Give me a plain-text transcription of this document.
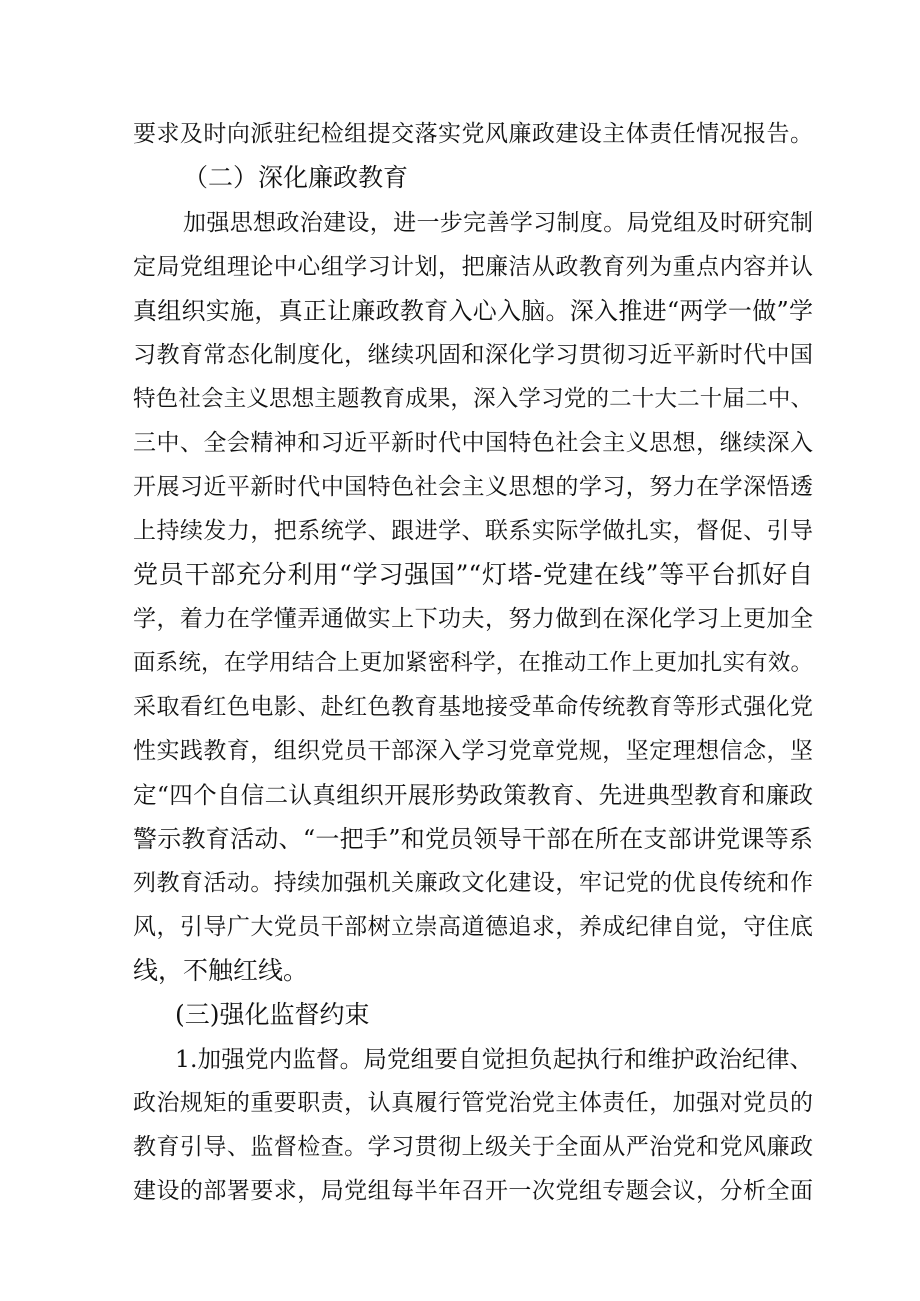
要求及时向派驻纪检组提交落实党风廉政建设主体责任情况报告。
（二）深化廉政教育
加强思想政治建设，进一步完善学习制度。局党组及时研究制
定局党组理论中心组学习计划，把廉洁从政教育列为重点内容并认
真组织实施，真正让廉政教育入心入脑。深入推进“两学一做”学
习教育常态化制度化，继续巩固和深化学习贯彻习近平新时代中国
特色社会主义思想主题教育成果，深入学习党的二十大二十届二中、
三中、全会精神和习近平新时代中国特色社会主义思想，继续深入
开展习近平新时代中国特色社会主义思想的学习，努力在学深悟透
上持续发力，把系统学、跟进学、联系实际学做扎实，督促、引导
党员干部充分利用“学习强国”“灯塔-党建在线”等平台抓好自
学，着力在学懂弄通做实上下功夫，努力做到在深化学习上更加全
面系统，在学用结合上更加紧密科学，在推动工作上更加扎实有效。
采取看红色电影、赴红色教育基地接受革命传统教育等形式强化党
性实践教育，组织党员干部深入学习党章党规，坚定理想信念，坚
定“四个自信二认真组织开展形势政策教育、先进典型教育和廉政
警示教育活动、“一把手”和党员领导干部在所在支部讲党课等系
列教育活动。持续加强机关廉政文化建设，牢记党的优良传统和作
风，引导广大党员干部树立崇高道德追求，养成纪律自觉，守住底
线，不触红线。
(三)强化监督约束
1.加强党内监督。局党组要自觉担负起执行和维护政治纪律、
政治规矩的重要职责，认真履行管党治党主体责任，加强对党员的
教育引导、监督检查。学习贯彻上级关于全面从严治党和党风廉政
建设的部署要求，局党组每半年召开一次党组专题会议，分析全面
